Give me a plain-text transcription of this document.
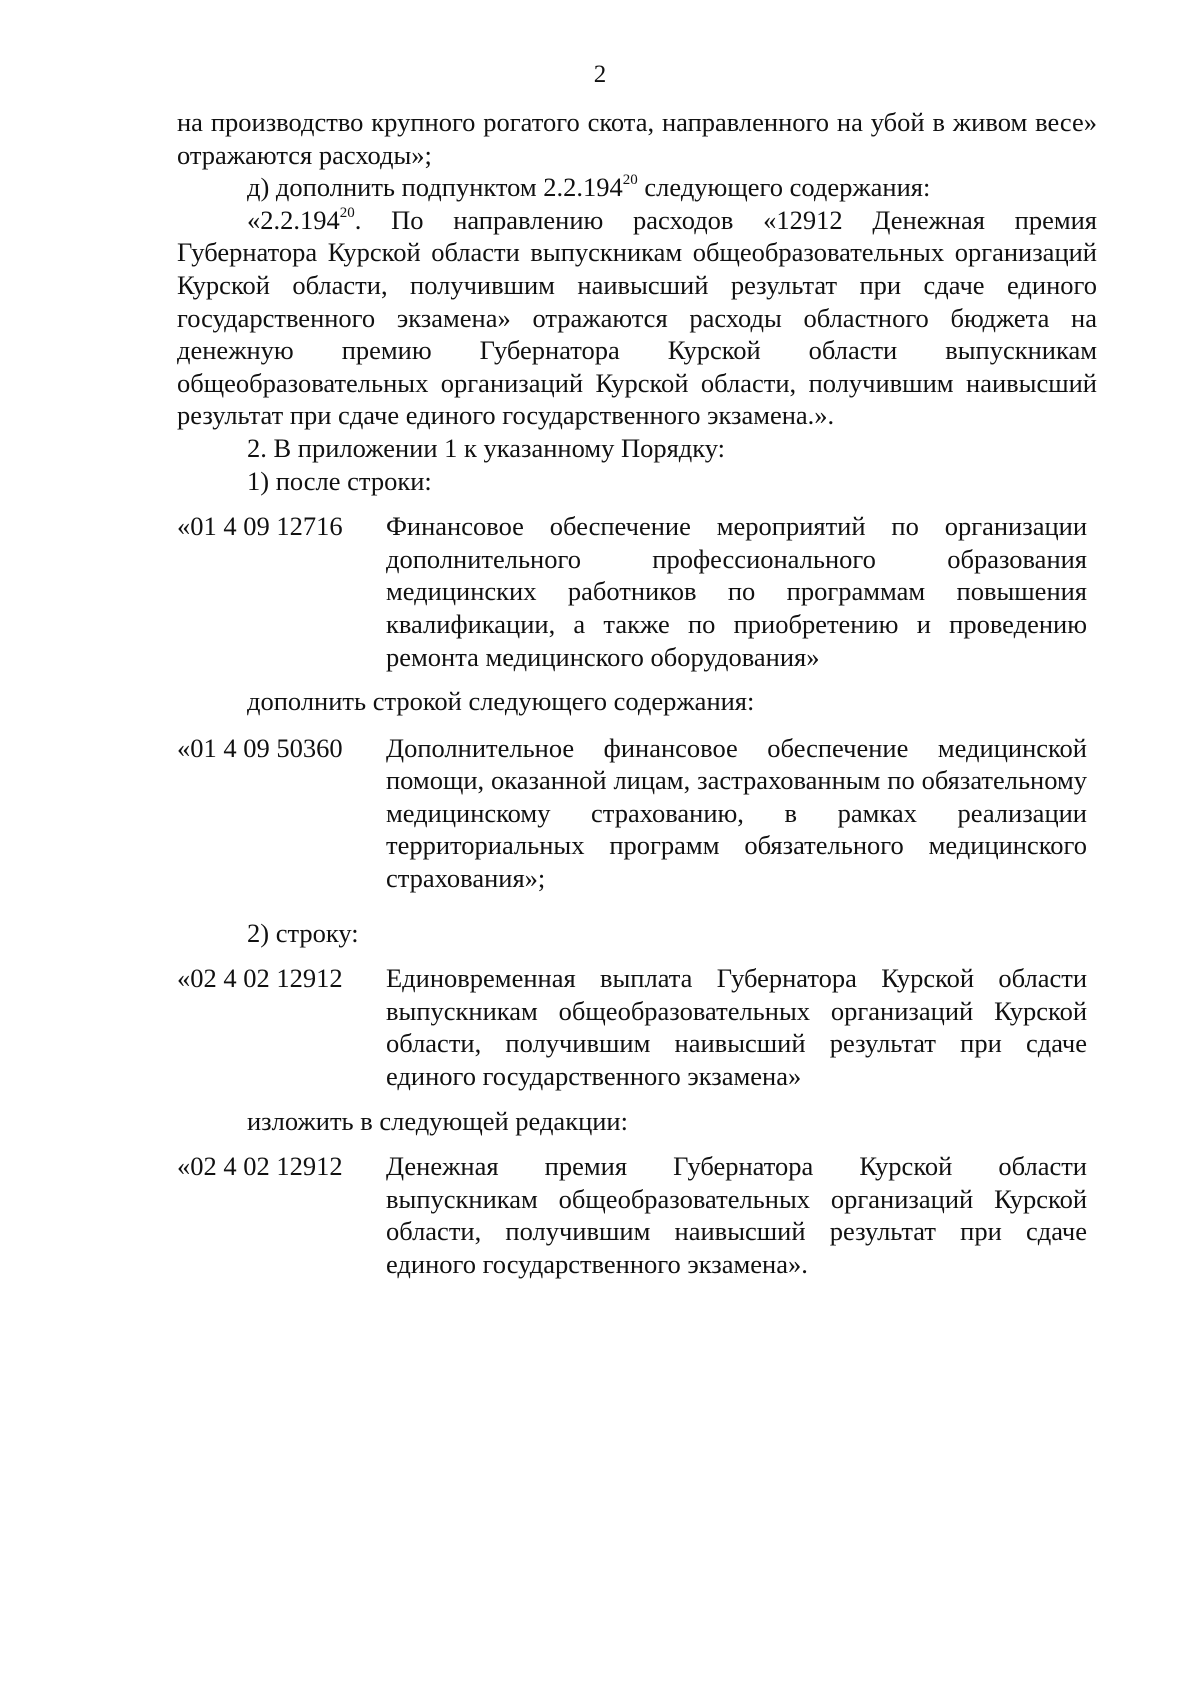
2

на производство крупного рогатого скота, направленного на убой в живом весе» отражаются расходы»;

д) дополнить подпунктом 2.2.194$^{20}$ следующего содержания:

«2.2.194$^{20}$. По направлению расходов «12912 Денежная премия Губернатора Курской области выпускникам общеобразовательных организаций Курской области, получившим наивысший результат при сдаче единого государственного экзамена» отражаются расходы областного бюджета на денежную премию Губернатора Курской области выпускникам общеобразовательных организаций Курской области, получившим наивысший результат при сдаче единого государственного экзамена.».

2. В приложении 1 к указанному Порядку:

1) после строки:

«01 4 09 12716	Финансовое обеспечение мероприятий по организации дополнительного профессионального образования медицинских работников по программам повышения квалификации, а также по приобретению и проведению ремонта медицинского оборудования»

дополнить строкой следующего содержания:

«01 4 09 50360	Дополнительное финансовое обеспечение медицинской помощи, оказанной лицам, застрахованным по обязательному медицинскому страхованию, в рамках реализации территориальных программ обязательного медицинского страхования»;

2) строку:

«02 4 02 12912	Единовременная выплата Губернатора Курской области выпускникам общеобразовательных организаций Курской области, получившим наивысший результат при сдаче единого государственного экзамена»

изложить в следующей редакции:

«02 4 02 12912	Денежная премия Губернатора Курской области выпускникам общеобразовательных организаций Курской области, получившим наивысший результат при сдаче единого государственного экзамена».
